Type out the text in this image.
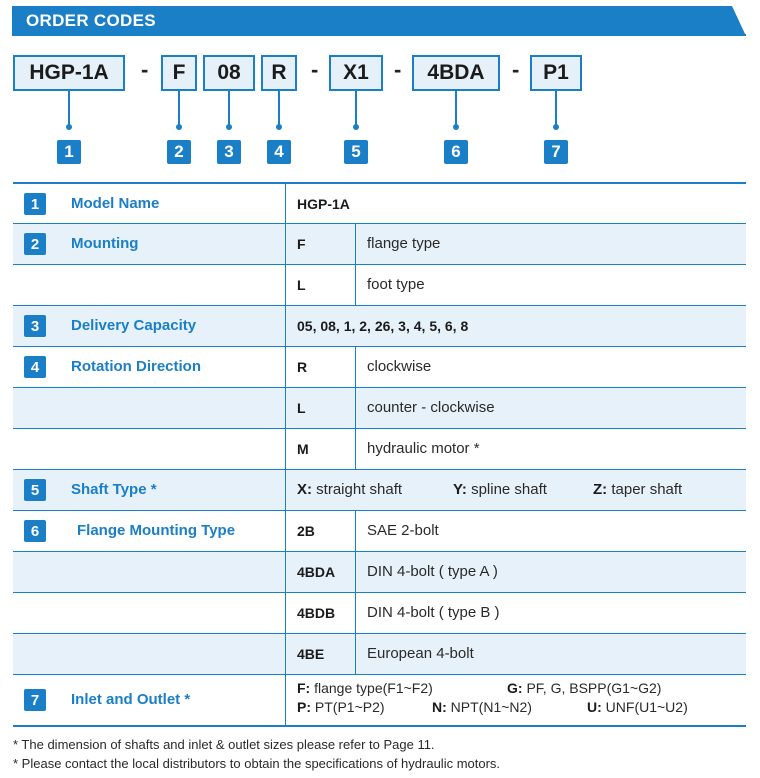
ORDER CODES
HGP-1A	-	F	08	R	-	X1	-	4BDA	-	P1
1	2	3	4	5	6	7
1	Model Name	HGP-1A
2	Mounting	F	flange type
L	foot type
3	Delivery Capacity	05, 08, 1, 2, 26, 3, 4, 5, 6, 8
4	Rotation Direction	R	clockwise
L	counter - clockwise
M	hydraulic motor *
5	Shaft Type *	X: straight shaft	Y: spline shaft	Z: taper shaft
6	Flange Mounting Type	2B	SAE 2-bolt
4BDA DIN 4-bolt ( type A )
4BDB DIN 4-bolt ( type B )
4BE	European 4-bolt
7	Inlet and Outlet *
F: flange type(F1~F2)	G: PF, G, BSPP(G1~G2)
P: PT(P1~P2)	N: NPT(N1~N2)	U: UNF(U1~U2)
* The dimension of shafts and inlet & outlet sizes please refer to Page 11.
* Please contact the local distributors to obtain the specifications of hydraulic motors.
